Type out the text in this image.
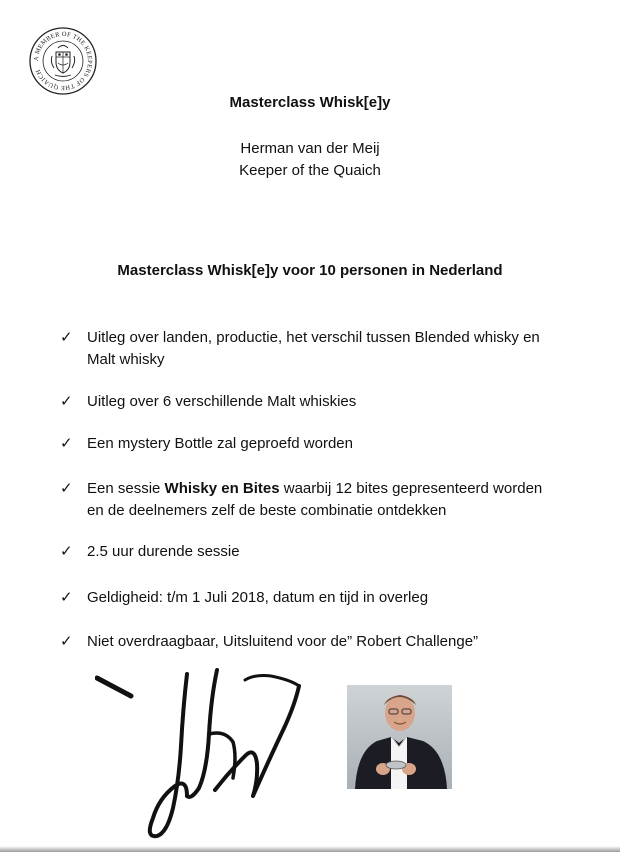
A MEMBER OF THE KEEPERS OF THE QUAICH
Masterclass Whisk[e]y
Herman van der Meij
Keeper of the Quaich
Masterclass Whisk[e]y voor 10 personen in Nederland
✓ Uitleg over landen, productie, het verschil tussen Blended whisky en Malt whisky
✓ Uitleg over 6 verschillende Malt whiskies
✓ Een mystery Bottle zal geproefd worden
✓ Een sessie Whisky en Bites waarbij 12 bites gepresenteerd worden en de deelnemers zelf de beste combinatie ontdekken
✓ 2.5 uur durende sessie
✓ Geldigheid: t/m 1 Juli 2018, datum en tijd in overleg
✓ Niet overdraagbaar, Uitsluitend voor de” Robert Challenge”
